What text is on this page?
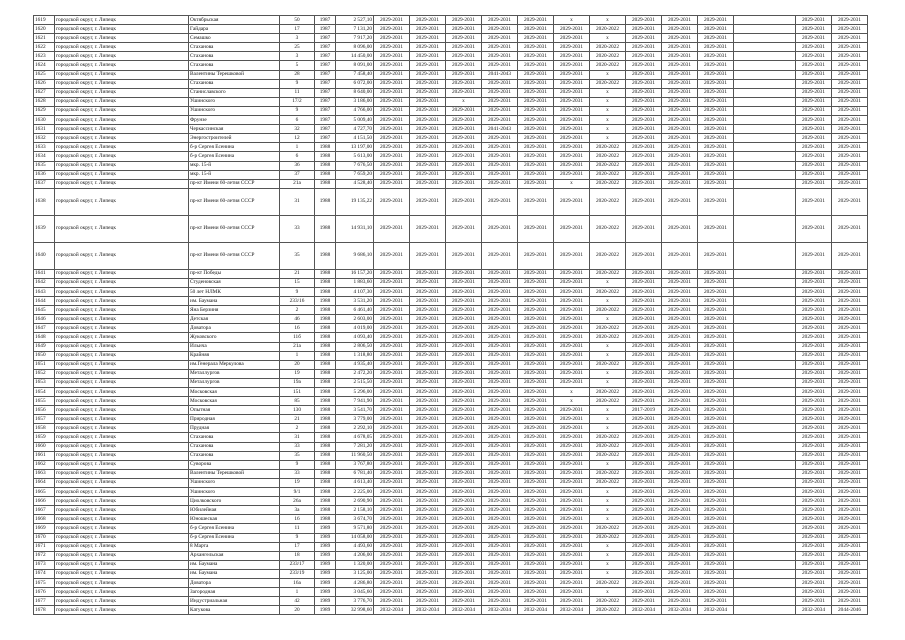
1619	городской округ, г. Липецк	Октябрьская	50	1987	2 527,10	2029-2031	2029-2031	2029-2031	2029-2031	2029-2031	х	х	2029-2031	2029-2031	2029-2031		2029-2031	2029-2031
1620	городской округ, г. Липецк	Гайдара	17	1987	7 131,20	2029-2031	2029-2031	2029-2031	2029-2031	2029-2031	2029-2031	2020-2022	2029-2031	2029-2031	2029-2031		2029-2031	2029-2031
1621	городской округ, г. Липецк	Семашко	3	1987	7 917,20	2029-2031	2029-2031	2029-2031	2029-2031	2029-2031	2029-2031	х	2029-2031	2029-2031	2029-2031		2029-2031	2029-2031
1622	городской округ, г. Липецк	Стаханова	25	1987	8 096,00	2029-2031	2029-2031	2029-2031	2029-2031	2029-2031	2029-2031	2020-2022	2029-2031	2029-2031	2029-2031		2029-2031	2029-2031
1623	городской округ, г. Липецк	Стаханова	3	1987	14 450,00	2029-2031	2029-2031	2029-2031	2029-2031	2029-2031	2029-2031	2020-2022	2029-2031	2029-2031	2029-2031		2029-2031	2029-2031
1624	городской округ, г. Липецк	Стаханова	5	1987	8 091,00	2029-2031	2029-2031	2029-2031	2029-2031	2029-2031	2029-2031	2020-2022	2029-2031	2029-2031	2029-2031		2029-2031	2029-2031
1625	городской округ, г. Липецк	Валентины Терешковой	28	1987	7 458,40	2029-2031	2029-2031	2029-2031	2041-2043	2029-2031	2029-2031	х	2029-2031	2029-2031	2029-2031		2029-2031	2029-2031
1626	городской округ, г. Липецк	Стаханова	9	1987	6 072,00	2029-2031	2029-2031	2029-2031	2029-2031	2029-2031	2029-2031	2020-2022	2029-2031	2029-2031	2029-2031		2029-2031	2029-2031
1627	городской округ, г. Липецк	Станиславского	11	1987	8 640,00	2029-2031	2029-2031	2029-2031	2029-2031	2029-2031	2029-2031	х	2029-2031	2029-2031	2029-2031		2029-2031	2029-2031
1628	городской округ, г. Липецк	Ушинского	17/2	1987	3 186,00	2029-2031	2029-2031	х	2029-2031	2029-2031	2029-2031	х	2029-2031	2029-2031	2029-2031		2029-2031	2029-2031
1629	городской округ, г. Липецк	Ушинского	9	1987	4 766,00	2029-2031	2029-2031	2029-2031	2029-2031	2029-2031	2029-2031	х	2029-2031	2029-2031	2029-2031		2029-2031	2029-2031
1630	городской округ, г. Липецк	Фрунзе	6	1987	5 009,40	2029-2031	2029-2031	2029-2031	2029-2031	2029-2031	2029-2031	х	2029-2031	2029-2031	2029-2031		2029-2031	2029-2031
1631	городской округ, г. Липецк	Черкассинская	32	1987	4 727,70	2029-2031	2029-2031	2029-2031	2041-2043	2029-2031	2029-2031	х	2029-2031	2029-2031	2029-2031		2029-2031	2029-2031
1632	городской округ, г. Липецк	Энергостроителей	12	1987	4 151,50	2029-2031	2029-2031	2029-2031	2029-2031	2029-2031	2029-2031	х	2029-2031	2029-2031	2029-2031		2029-2031	2029-2031
1633	городской округ, г. Липецк	б-р Сергея Есенина	1	1988	13 197,00	2029-2031	2029-2031	2029-2031	2029-2031	2029-2031	2029-2031	2020-2022	2029-2031	2029-2031	2029-2031		2029-2031	2029-2031
1634	городской округ, г. Липецк	б-р Сергея Есенина	6	1988	5 613,00	2029-2031	2029-2031	2029-2031	2029-2031	2029-2031	2029-2031	2020-2022	2029-2031	2029-2031	2029-2031		2029-2031	2029-2031
1635	городской округ, г. Липецк	мкр. 15-й	36	1988	7 676,50	2029-2031	2029-2031	2029-2031	2029-2031	2029-2031	2029-2031	2020-2022	2029-2031	2029-2031	2029-2031		2029-2031	2029-2031
1636	городской округ, г. Липецк	мкр. 15-й	37	1988	7 659,20	2029-2031	2029-2031	2029-2031	2029-2031	2029-2031	2029-2031	2020-2022	2029-2031	2029-2031	2029-2031		2029-2031	2029-2031
1637	городской округ, г. Липецк	пр-кт Имени 60-летия СССР	21а	1988	4 528,40	2029-2031	2029-2031	2029-2031	2029-2031	2029-2031	х	2020-2022	2029-2031	2029-2031	2029-2031		2029-2031	2029-2031
1638	городской округ, г. Липецк	пр-кт Имени 60-летия СССР	31	1988	19 135,22	2029-2031	2029-2031	2029-2031	2029-2031	2029-2031	2029-2031	2020-2022	2029-2031	2029-2031	2029-2031		2029-2031	2029-2031
1639	городской округ, г. Липецк	пр-кт Имени 60-летия СССР	33	1988	14 931,10	2029-2031	2029-2031	2029-2031	2029-2031	2029-2031	2029-2031	2020-2022	2029-2031	2029-2031	2029-2031		2029-2031	2029-2031
1640	городской округ, г. Липецк	пр-кт Имени 60-летия СССР	35	1988	9 686,10	2029-2031	2029-2031	2029-2031	2029-2031	2029-2031	2029-2031	2020-2022	2029-2031	2029-2031	2029-2031		2029-2031	2029-2031
1641	городской округ, г. Липецк	пр-кт Победы	21	1988	16 157,20	2029-2031	2029-2031	2029-2031	2029-2031	2029-2031	2029-2031	2020-2022	2029-2031	2029-2031	2029-2031		2029-2031	2029-2031
1642	городской округ, г. Липецк	Студеновская	15	1988	1 883,60	2029-2031	2029-2031	2029-2031	2029-2031	2029-2031	2029-2031	х	2029-2031	2029-2031	2029-2031		2029-2031	2029-2031
1643	городской округ, г. Липецк	50 лет НЛМК	9	1988	4 107,30	2029-2031	2029-2031	2029-2031	2029-2031	2029-2031	2029-2031	2020-2022	2029-2031	2029-2031	2029-2031		2029-2031	2029-2031
1644	городской округ, г. Липецк	им. Баумана	233/16	1988	3 531,20	2029-2031	2029-2031	2029-2031	2029-2031	2029-2031	2029-2031	х	2029-2031	2029-2031	2029-2031		2029-2031	2029-2031
1645	городской округ, г. Липецк	Яна Берзиня	2	1988	6 461,40	2029-2031	2029-2031	2029-2031	2029-2031	2029-2031	2029-2031	2020-2022	2029-2031	2029-2031	2029-2031		2029-2031	2029-2031
1646	городской округ, г. Липецк	Детская	46	1988	2 603,00	2029-2031	2029-2031	2029-2031	2029-2031	2029-2031	2029-2031	х	2029-2031	2029-2031	2029-2031		2029-2031	2029-2031
1647	городской округ, г. Липецк	Доватора	16	1988	4 019,00	2029-2031	2029-2031	2029-2031	2029-2031	2029-2031	2029-2031	2020-2022	2029-2031	2029-2031	2029-2031		2029-2031	2029-2031
1648	городской округ, г. Липецк	Жуковского	11б	1988	4 093,40	2029-2031	2029-2031	2029-2031	2029-2031	2029-2031	2029-2031	2020-2022	2029-2031	2029-2031	2029-2031		2029-2031	2029-2031
1649	городской округ, г. Липецк	Ильича	21а	1988	2 806,50	2029-2031	2029-2031	2029-2031	2029-2031	2029-2031	2029-2031	х	2029-2031	2029-2031	2029-2031		2029-2031	2029-2031
1650	городской округ, г. Липецк	Крайняя	1	1988	1 318,80	2029-2031	2029-2031	2029-2031	2029-2031	2029-2031	2029-2031	х	2029-2031	2029-2031	2029-2031		2029-2031	2029-2031
1651	городской округ, г. Липецк	им.Генерала Меркулова	20	1988	4 935,40	2029-2031	2029-2031	2029-2031	2029-2031	2029-2031	2029-2031	2020-2022	2029-2031	2029-2031	2029-2031		2029-2031	2029-2031
1652	городской округ, г. Липецк	Металлургов	19	1988	2 472,20	2029-2031	2029-2031	2029-2031	2029-2031	2029-2031	2029-2031	х	2029-2031	2029-2031	2029-2031		2029-2031	2029-2031
1653	городской округ, г. Липецк	Металлургов	19а	1988	2 515,50	2029-2031	2029-2031	2029-2031	2029-2031	2029-2031	2029-2031	х	2029-2031	2029-2031	2029-2031		2029-2031	2029-2031
1654	городской округ, г. Липецк	Московская	151	1988	5 296,00	2029-2031	2029-2031	2029-2031	2029-2031	2029-2031	х	2020-2022	2029-2031	2029-2031	2029-2031		2029-2031	2029-2031
1655	городской округ, г. Липецк	Московская	85	1988	7 941,90	2029-2031	2029-2031	2029-2031	2029-2031	2029-2031	х	2020-2022	2029-2031	2029-2031	2029-2031		2029-2031	2029-2031
1656	городской округ, г. Липецк	Опытная	130	1988	3 541,70	2029-2031	2029-2031	2029-2031	2029-2031	2029-2031	2029-2031	х	2017-2019	2029-2031	2029-2031		2029-2031	2029-2031
1657	городской округ, г. Липецк	Природная	21	1988	3 779,00	2029-2031	2029-2031	2029-2031	2029-2031	2029-2031	2029-2031	х	2029-2031	2029-2031	2029-2031		2029-2031	2029-2031
1658	городской округ, г. Липецк	Прудная	2	1988	2 292,10	2029-2031	2029-2031	2029-2031	2029-2031	2029-2031	2029-2031	х	2029-2031	2029-2031	2029-2031		2029-2031	2029-2031
1659	городской округ, г. Липецк	Стаханова	31	1988	4 678,05	2029-2031	2029-2031	2029-2031	2029-2031	2029-2031	2029-2031	2020-2022	2029-2031	2029-2031	2029-2031		2029-2031	2029-2031
1660	городской округ, г. Липецк	Стаханова	33	1988	7 281,20	2029-2031	2029-2031	2029-2031	2029-2031	2029-2031	2029-2031	2020-2022	2029-2031	2029-2031	2029-2031		2029-2031	2029-2031
1661	городской округ, г. Липецк	Стаханова	35	1988	11 960,50	2029-2031	2029-2031	2029-2031	2029-2031	2029-2031	2029-2031	2020-2022	2029-2031	2029-2031	2029-2031		2029-2031	2029-2031
1662	городской округ, г. Липецк	Суворова	9	1988	3 767,80	2029-2031	2029-2031	2029-2031	2029-2031	2029-2031	2029-2031	х	2029-2031	2029-2031	2029-2031		2029-2031	2029-2031
1663	городской округ, г. Липецк	Валентины Терешковой	33	1988	6 781,40	2029-2031	2029-2031	2029-2031	2029-2031	2029-2031	2029-2031	2020-2022	2029-2031	2029-2031	2029-2031		2029-2031	2029-2031
1664	городской округ, г. Липецк	Ушинского	19	1988	4 613,40	2029-2031	2029-2031	2029-2031	2029-2031	2029-2031	2029-2031	2020-2022	2029-2031	2029-2031	2029-2031		2029-2031	2029-2031
1665	городской округ, г. Липецк	Ушинского	9/1	1988	2 225,00	2029-2031	2029-2031	2029-2031	2029-2031	2029-2031	2029-2031	х	2029-2031	2029-2031	2029-2031		2029-2031	2029-2031
1666	городской округ, г. Липецк	Циолковского	26а	1988	2 690,90	2029-2031	2029-2031	2029-2031	2029-2031	2029-2031	2029-2031	х	2029-2031	2029-2031	2029-2031		2029-2031	2029-2031
1667	городской округ, г. Липецк	Юбилейная	3а	1988	2 158,10	2029-2031	2029-2031	2029-2031	2029-2031	2029-2031	2029-2031	х	2029-2031	2029-2031	2029-2031		2029-2031	2029-2031
1668	городской округ, г. Липецк	Юношеская	16	1988	3 674,70	2029-2031	2029-2031	2029-2031	2029-2031	2029-2031	2029-2031	х	2029-2031	2029-2031	2029-2031		2029-2031	2029-2031
1669	городской округ, г. Липецк	б-р Сергея Есенина	11	1989	9 571,80	2029-2031	2029-2031	2029-2031	2029-2031	2029-2031	2029-2031	2020-2022	2029-2031	2029-2031	2029-2031		2029-2031	2029-2031
1670	городской округ, г. Липецк	б-р Сергея Есенина	9	1989	14 058,00	2029-2031	2029-2031	2029-2031	2029-2031	2029-2031	2029-2031	2020-2022	2029-2031	2029-2031	2029-2031		2029-2031	2029-2031
1671	городской округ, г. Липецк	8 Марта	17	1989	4 493,60	2029-2031	2029-2031	2029-2031	2029-2031	2029-2031	2029-2031	х	2029-2031	2029-2031	2029-2031		2029-2031	2029-2031
1672	городской округ, г. Липецк	Архангельская	18	1989	4 206,00	2029-2031	2029-2031	2029-2031	2029-2031	2029-2031	2029-2031	х	2029-2031	2029-2031	2029-2031		2029-2031	2029-2031
1673	городской округ, г. Липецк	им. Баумана	233/17	1989	1 320,00	2029-2031	2029-2031	2029-2031	2029-2031	2029-2031	2029-2031	х	2029-2031	2029-2031	2029-2031		2029-2031	2029-2031
1674	городской округ, г. Липецк	им. Баумана	233/19	1989	3 125,00	2029-2031	2029-2031	2029-2031	2029-2031	2029-2031	2029-2031	х	2029-2031	2029-2031	2029-2031		2029-2031	2029-2031
1675	городской округ, г. Липецк	Доватора	16а	1989	4 286,80	2029-2031	2029-2031	2029-2031	2029-2031	2029-2031	2029-2031	2020-2022	2029-2031	2029-2031	2029-2031		2029-2031	2029-2031
1676	городской округ, г. Липецк	Загородная	1	1989	3 045,60	2029-2031	2029-2031	2029-2031	2029-2031	2029-2031	2029-2031	х	2029-2031	2029-2031	2029-2031		2029-2031	2029-2031
1677	городской округ, г. Липецк	Индустриальная	42	1989	3 776,70	2029-2031	2029-2031	2029-2031	2029-2031	2029-2031	2029-2031	2020-2022	2029-2031	2029-2031	2029-2031		2029-2031	2029-2031
1678	городской округ, г. Липецк	Катукова	20	1989	32 998,60	2032-2034	2032-2034	2032-2034	2032-2034	2032-2034	2032-2034	2020-2022	2032-2034	2032-2034	2032-2034		2032-2034	2044-2046
